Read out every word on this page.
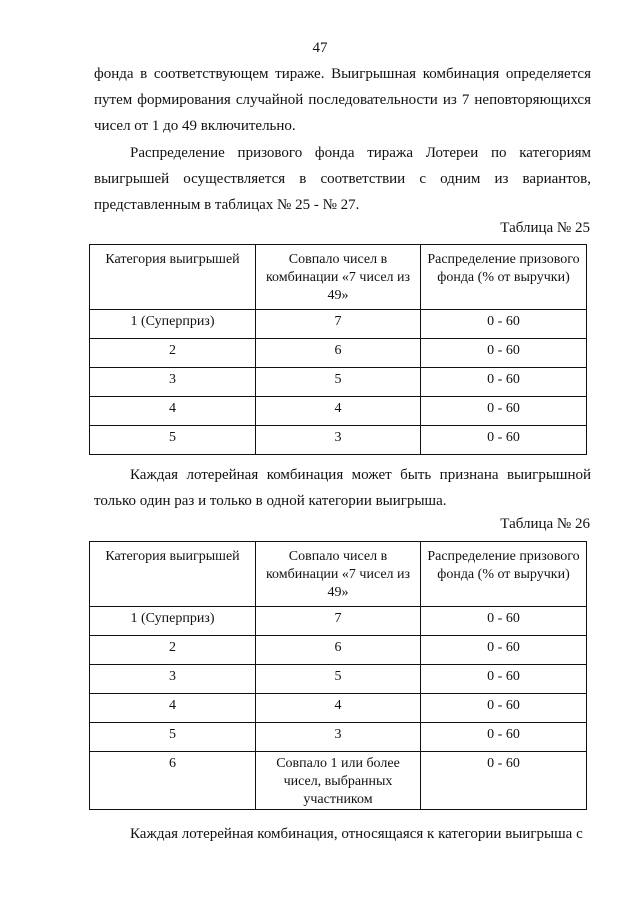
47

фонда в соответствующем тираже. Выигрышная комбинация определяется путем формирования случайной последовательности из 7 неповторяющихся чисел от 1 до 49 включительно.

Распределение призового фонда тиража Лотереи по категориям выигрышей осуществляется в соответствии с одним из вариантов, представленным в таблицах № 25 - № 27.

Таблица № 25
Категория выигрышей	Совпало чисел в комбинации «7 чисел из 49»	Распределение призового фонда (% от выручки)
1 (Суперприз)	7	0 - 60
2	6	0 - 60
3	5	0 - 60
4	4	0 - 60
5	3	0 - 60

Каждая лотерейная комбинация может быть признана выигрышной только один раз и только в одной категории выигрыша.

Таблица № 26
Категория выигрышей	Совпало чисел в комбинации «7 чисел из 49»	Распределение призового фонда (% от выручки)
1 (Суперприз)	7	0 - 60
2	6	0 - 60
3	5	0 - 60
4	4	0 - 60
5	3	0 - 60
6	Совпало 1 или более чисел, выбранных участником	0 - 60

Каждая лотерейная комбинация, относящаяся к категории выигрыша с
